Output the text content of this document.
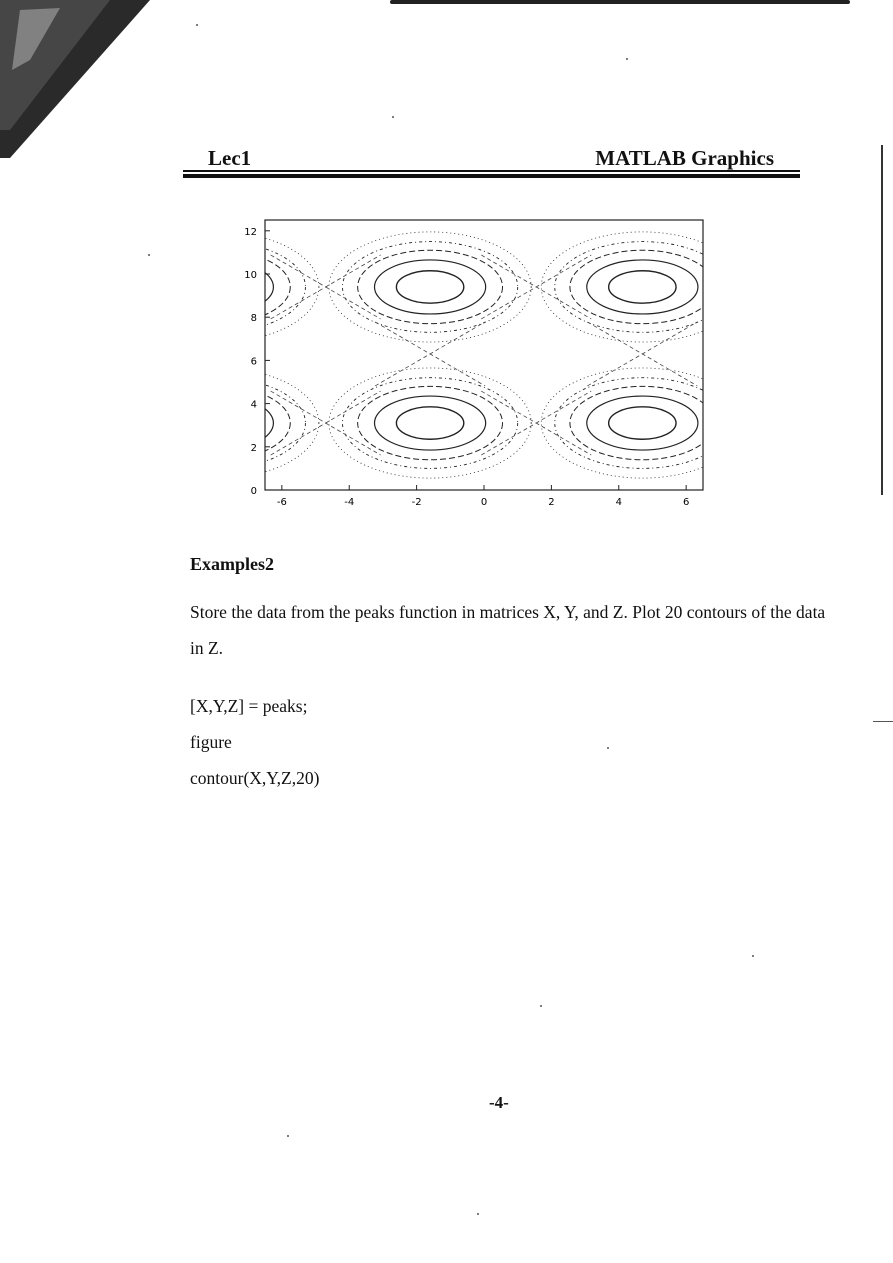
Lec1	MATLAB Graphics
-6	-4	-2	0	2	4	6
0
2
4
6
8
10
12
Examples2
Store the data from the peaks function in matrices X, Y, and Z. Plot 20 contours of the data in Z.
[X,Y,Z] = peaks;
figure
contour(X,Y,Z,20)
-4-
